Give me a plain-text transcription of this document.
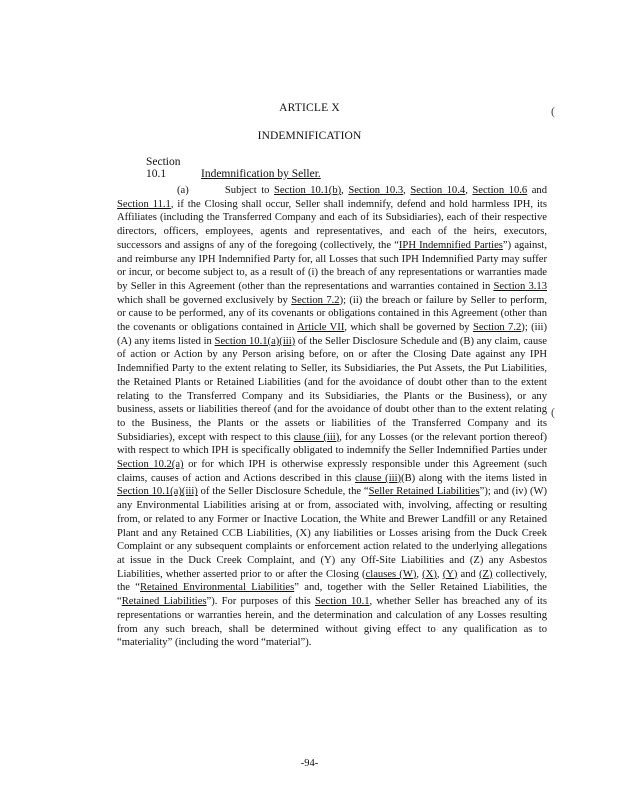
ARTICLE X
INDEMNIFICATION
(
(
Section 10.1	Indemnification by Seller.

(a)	Subject to Section 10.1(b), Section 10.3, Section 10.4, Section 10.6 and Section 11.1, if the Closing shall occur, Seller shall indemnify, defend and hold harmless IPH, its Affiliates (including the Transferred Company and each of its Subsidiaries), each of their respective directors, officers, employees, agents and representatives, and each of the heirs, executors, successors and assigns of any of the foregoing (collectively, the “IPH Indemnified Parties”) against, and reimburse any IPH Indemnified Party for, all Losses that such IPH Indemnified Party may suffer or incur, or become subject to, as a result of (i) the breach of any representations or warranties made by Seller in this Agreement (other than the representations and warranties contained in Section 3.13 which shall be governed exclusively by Section 7.2); (ii) the breach or failure by Seller to perform, or cause to be performed, any of its covenants or obligations contained in this Agreement (other than the covenants or obligations contained in Article VII, which shall be governed by Section 7.2); (iii) (A) any items listed in Section 10.1(a)(iii) of the Seller Disclosure Schedule and (B) any claim, cause of action or Action by any Person arising before, on or after the Closing Date against any IPH Indemnified Party to the extent relating to Seller, its Subsidiaries, the Put Assets, the Put Liabilities, the Retained Plants or Retained Liabilities (and for the avoidance of doubt other than to the extent relating to the Transferred Company and its Subsidiaries, the Plants or the Business), or any business, assets or liabilities thereof (and for the avoidance of doubt other than to the extent relating to the Business, the Plants or the assets or liabilities of the Transferred Company and its Subsidiaries), except with respect to this clause (iii), for any Losses (or the relevant portion thereof) with respect to which IPH is specifically obligated to indemnify the Seller Indemnified Parties under Section 10.2(a) or for which IPH is otherwise expressly responsible under this Agreement (such claims, causes of action and Actions described in this clause (iii)(B) along with the items listed in Section 10.1(a)(iii) of the Seller Disclosure Schedule, the “Seller Retained Liabilities”); and (iv) (W) any Environmental Liabilities arising at or from, associated with, involving, affecting or resulting from, or related to any Former or Inactive Location, the White and Brewer Landfill or any Retained Plant and any Retained CCB Liabilities, (X) any liabilities or Losses arising from the Duck Creek Complaint or any subsequent complaints or enforcement action related to the underlying allegations at issue in the Duck Creek Complaint, and (Y) any Off-Site Liabilities and (Z) any Asbestos Liabilities, whether asserted prior to or after the Closing (clauses (W), (X), (Y) and (Z) collectively, the “Retained Environmental Liabilities” and, together with the Seller Retained Liabilities, the “Retained Liabilities”). For purposes of this Section 10.1, whether Seller has breached any of its representations or warranties herein, and the determination and calculation of any Losses resulting from any such breach, shall be determined without giving effect to any qualification as to “materiality” (including the word “material”).

-94-
